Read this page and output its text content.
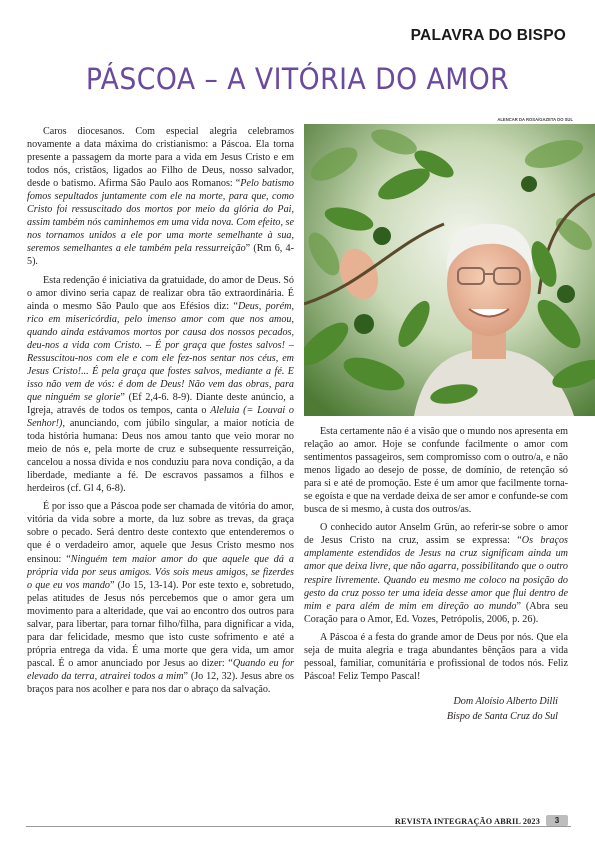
PALAVRA DO BISPO
PÁSCOA – A VITÓRIA DO AMOR
ALENCAR DA ROSA/GAZETA DO SUL

Caros diocesanos. Com especial alegria celebramos novamente a data máxima do cristianismo: a Páscoa. Ela torna presente a passagem da morte para a vida em Jesus Cristo e em todos nós, cristãos, ligados ao Filho de Deus, nosso salvador, desde o batismo. Afirma São Paulo aos Romanos: “Pelo batismo fomos sepultados juntamente com ele na morte, para que, como Cristo foi ressuscitado dos mortos por meio da glória do Pai, assim também nós caminhemos em uma vida nova. Com efeito, se nos tornamos unidos a ele por uma morte semelhante à sua, seremos semelhantes a ele também pela ressurreição” (Rm 6, 4-5).

Esta redenção é iniciativa da gratuidade, do amor de Deus. Só o amor divino seria capaz de realizar obra tão extraordinária. É ainda o mesmo São Paulo que aos Efésios diz: “Deus, porém, rico em misericórdia, pelo imenso amor com que nos amou, quando ainda estávamos mortos por causa dos nossos pecados, deu-nos a vida com Cristo. – É por graça que fostes salvos! – Ressuscitou-nos com ele e com ele fez-nos sentar nos céus, em Jesus Cristo!... É pela graça que fostes salvos, mediante a fé. E isso não vem de vós: é dom de Deus! Não vem das obras, para que ninguém se glorie” (Ef 2,4-6. 8-9). Diante deste anúncio, a Igreja, através de todos os tempos, canta o Aleluia (= Louvai o Senhor!), anunciando, com júbilo singular, a maior notícia de toda história humana: Deus nos amou tanto que veio morar no meio de nós e, pela morte de cruz e subsequente ressurreição, cancelou a nossa dívida e nos conduziu para nova condição, a da liberdade, mediante a fé. De escravos passamos a filhos e herdeiros (cf. Gl 4, 6-8).

É por isso que a Páscoa pode ser chamada de vitória do amor, vitória da vida sobre a morte, da luz sobre as trevas, da graça sobre o pecado. Será dentro deste contexto que entenderemos o que é o verdadeiro amor, aquele que Jesus Cristo mesmo nos ensinou: “Ninguém tem maior amor do que aquele que dá a própria vida por seus amigos. Vós sois meus amigos, se fizerdes o que eu vos mando” (Jo 15, 13-14). Por este texto e, sobretudo, pelas atitudes de Jesus nós percebemos que o amor gera um movimento para a alteridade, que vai ao encontro dos outros para salvar, para libertar, para tornar filho/filha, para dignificar a vida, para dar felicidade, mesmo que isto custe sofrimento e até a própria entrega da vida. É uma morte que gera vida, um amor pascal. É o amor anunciado por Jesus ao dizer: “Quando eu for elevado da terra, atrairei todos a mim” (Jo 12, 32). Jesus abre os braços para nos acolher e para nos dar o abraço da salvação.

Esta certamente não é a visão que o mundo nos apresenta em relação ao amor. Hoje se confunde facilmente o amor com sentimentos passageiros, sem compromisso com o outro/a, e não menos ligado ao desejo de posse, de domínio, de retenção só para si e até de promoção. Este é um amor que facilmente torna-se egoísta e que na verdade deixa de ser amor e confunde-se com busca de si mesmo, à custa dos outros/as.

O conhecido autor Anselm Grün, ao referir-se sobre o amor de Jesus Cristo na cruz, assim se expressa: “Os braços amplamente estendidos de Jesus na cruz significam ainda um amor que deixa livre, que não agarra, possibilitando que o outro respire livremente. Quando eu mesmo me coloco na posição do gesto da cruz posso ter uma ideia desse amor que flui dentro de mim e para além de mim em direção ao mundo” (Abra seu Coração para o Amor, Ed. Vozes, Petrópolis, 2006, p. 26).

A Páscoa é a festa do grande amor de Deus por nós. Que ela seja de muita alegria e traga abundantes bênçãos para a vida pessoal, familiar, comunitária e profissional de todos nós. Feliz Páscoa! Feliz Tempo Pascal!

Dom Aloísio Alberto Dilli
Bispo de Santa Cruz do Sul

REVISTA INTEGRAÇÃO ABRIL 2023	3
